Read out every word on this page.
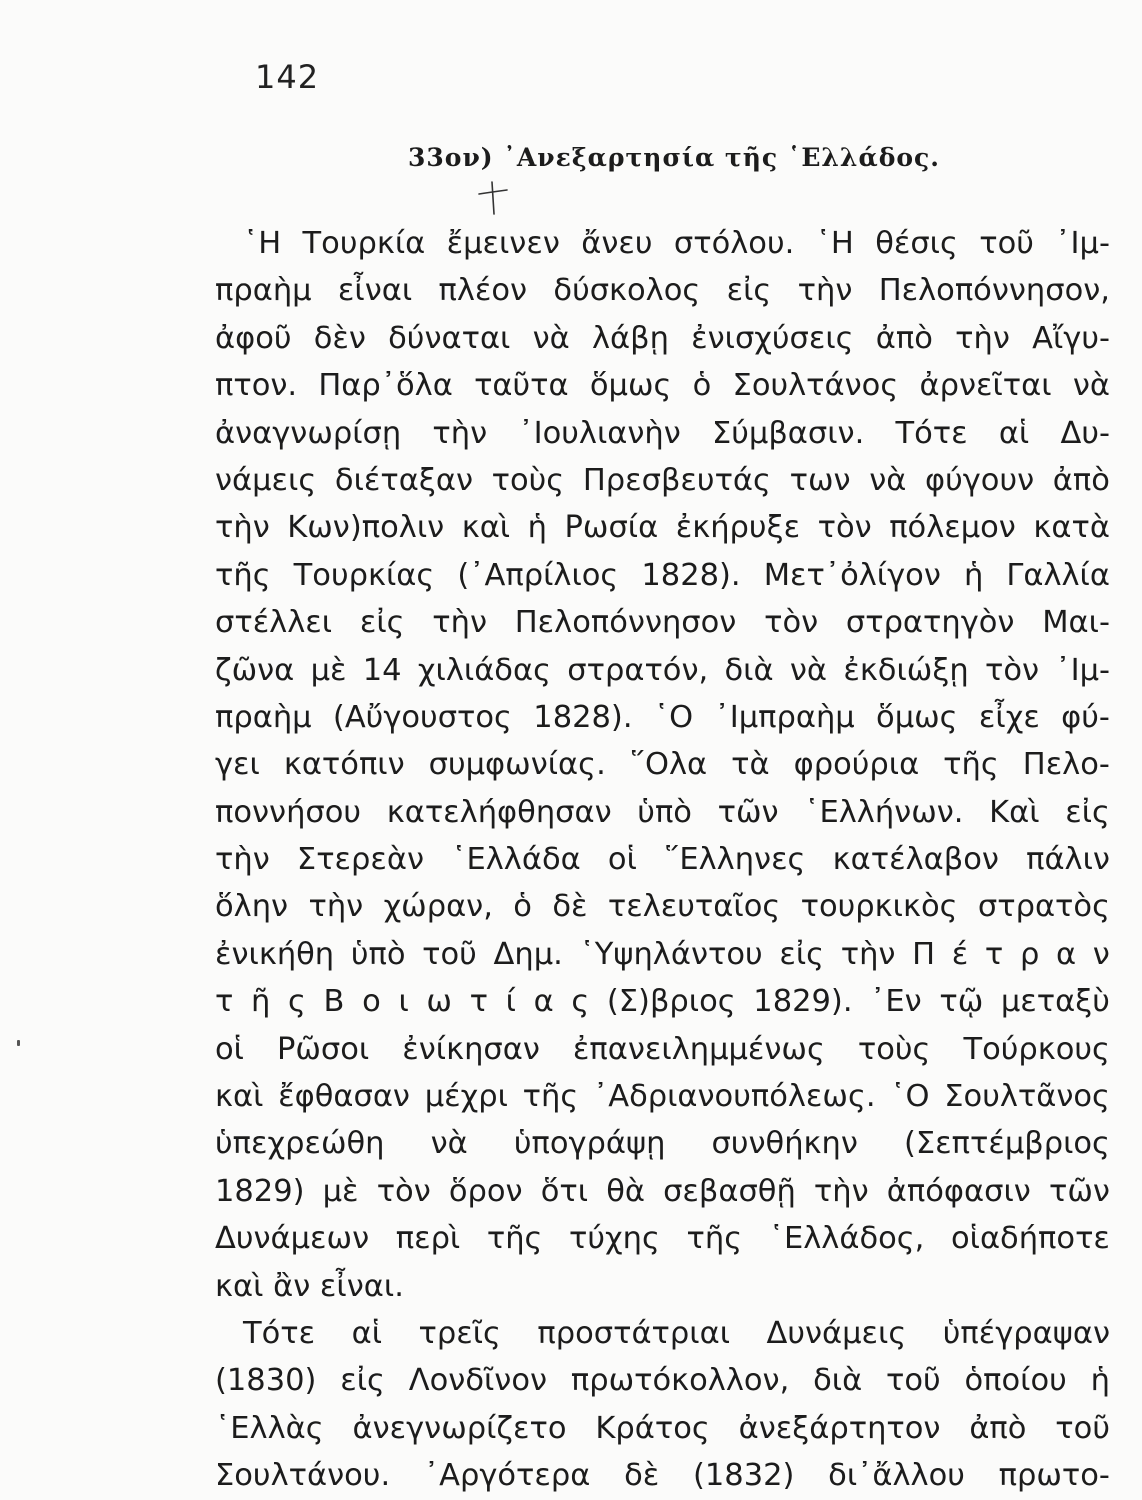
142
33ον) ᾿Ανεξαρτησία τῆς ῾Ελλάδος.
῾Η Τουρκία ἔμεινεν ἄνευ στόλου. ῾Η θέσις τοῦ ᾿Ιμ-
πραὴμ εἶναι πλέον δύσκολος εἰς τὴν Πελοπόννησον,
ἀφοῦ δὲν δύναται νὰ λάβῃ ἐνισχύσεις ἀπὸ τὴν Αἴγυ-
πτον. Παρ᾿ὅλα ταῦτα ὅμως ὁ Σουλτάνος ἀρνεῖται νὰ
ἀναγνωρίσῃ τὴν ᾿Ιουλιανὴν Σύμβασιν. Τότε αἱ Δυ-
νάμεις διέταξαν τοὺς Πρεσβευτάς των νὰ φύγουν ἀπὸ
τὴν Κων)πολιν καὶ ἡ Ρωσία ἐκήρυξε τὸν πόλεμον κατὰ
τῆς Τουρκίας (᾿Απρίλιος 1828). Μετ᾿ὀλίγον ἡ Γαλλία
στέλλει εἰς τὴν Πελοπόννησον τὸν στρατηγὸν Μαι-
ζῶνα μὲ 14 χιλιάδας στρατόν, διὰ νὰ ἐκδιώξῃ τὸν ᾿Ιμ-
πραὴμ (Αὔγουστος 1828). ῾Ο ᾿Ιμπραὴμ ὅμως εἶχε φύ-
γει κατόπιν συμφωνίας. ῞Ολα τὰ φρούρια τῆς Πελο-
ποννήσου κατελήφθησαν ὑπὸ τῶν ῾Ελλήνων. Καὶ εἰς
τὴν Στερεὰν ῾Ελλάδα οἱ ῞Ελληνες κατέλαβον πάλιν
ὅλην τὴν χώραν, ὁ δὲ τελευταῖος τουρκικὸς στρατὸς
ἐνικήθη ὑπὸ τοῦ Δημ. ῾Υψηλάντου εἰς τὴν Π έ τ ρ α ν
τ ῆ ς Β ο ι ω τ ί α ς (Σ)βριος 1829). ᾿Εν τῷ μεταξὺ
οἱ Ρῶσοι ἐνίκησαν ἐπανειλημμένως τοὺς Τούρκους
καὶ ἔφθασαν μέχρι τῆς ᾿Αδριανουπόλεως. ῾Ο Σουλτᾶνος
ὑπεχρεώθη νὰ ὑπογράψῃ συνθήκην (Σεπτέμβριος
1829) μὲ τὸν ὅρον ὅτι θὰ σεβασθῇ τὴν ἀπόφασιν τῶν
Δυνάμεων περὶ τῆς τύχης τῆς ῾Ελλάδος, οἱαδήποτε
καὶ ἂν εἶναι.
Τότε αἱ τρεῖς προστάτριαι Δυνάμεις ὑπέγραψαν
(1830) εἰς Λονδῖνον πρωτόκολλον, διὰ τοῦ ὁποίου ἡ
῾Ελλὰς ἀνεγνωρίζετο Κράτος ἀνεξάρτητον ἀπὸ τοῦ
Σουλτάνου. ᾿Αργότερα δὲ (1832) δι᾿ἄλλου πρωτο-
